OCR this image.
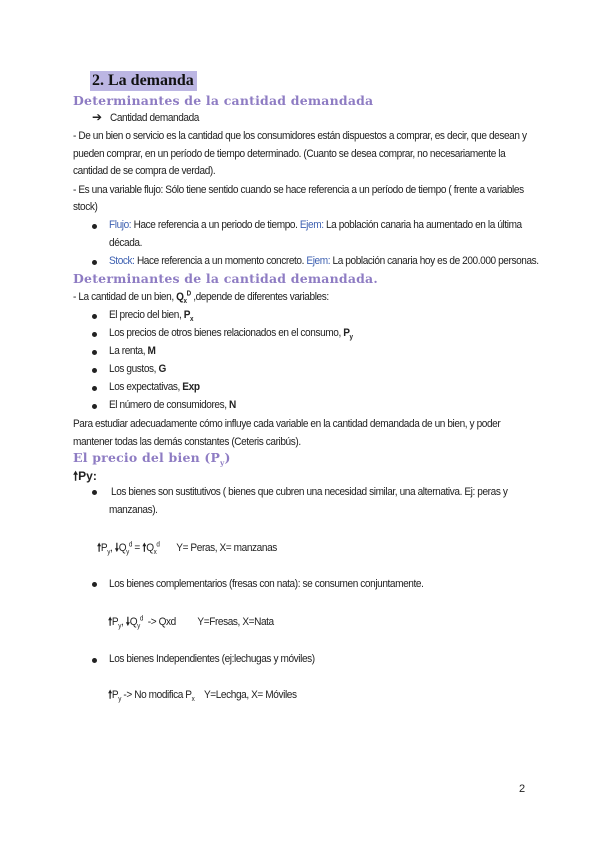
2. La demanda
Determinantes de la cantidad demandada
➔ Cantidad demandada
- De un bien o servicio es la cantidad que los consumidores están dispuestos a comprar, es decir, que desean y
pueden comprar, en un período de tiempo determinado. (Cuanto se desea comprar, no necesariamente la
cantidad de se compra de verdad).
- Es una variable flujo: Sólo tiene sentido cuando se hace referencia a un período de tiempo ( frente a variables
stock)
Flujo: Hace referencia a un periodo de tiempo. Ejem: La población canaria ha aumentado en la última
década.
Stock: Hace referencia a un momento concreto. Ejem: La población canaria hoy es de 200.000 personas.
Determinantes de la cantidad demandada.
- La cantidad de un bien, $Q_x^D$ ,depende de diferentes variables:
El precio del bien, $P_x$
Los precios de otros bienes relacionados en el consumo, $P_y$
La renta, M
Los gustos, G
Los expectativas, Exp
El número de consumidores, N
Para estudiar adecuadamente cómo influye cada variable en la cantidad demandada de un bien, y poder
mantener todas las demás constantes (Ceteris caribús).
El precio del bien $(P_y)$
🠕Py:
Los bienes son sustitutivos ( bienes que cubren una necesidad similar, una alternativa. Ej: peras y
manzanas).
$🠕P_y$, $🠗Q_y^d$ = $🠕Q_x^d$ Y= Peras, X= manzanas
Los bienes complementarios (fresas con nata): se consumen conjuntamente.
$🠕P_y$, $🠗Q_y^d$  -> Qxd         Y=Fresas, X=Nata
Los bienes Independientes (ej:lechugas y móviles)
$🠕P_y -> No$ modifica $P_x$ Y=Lechga, X= Móviles
2
